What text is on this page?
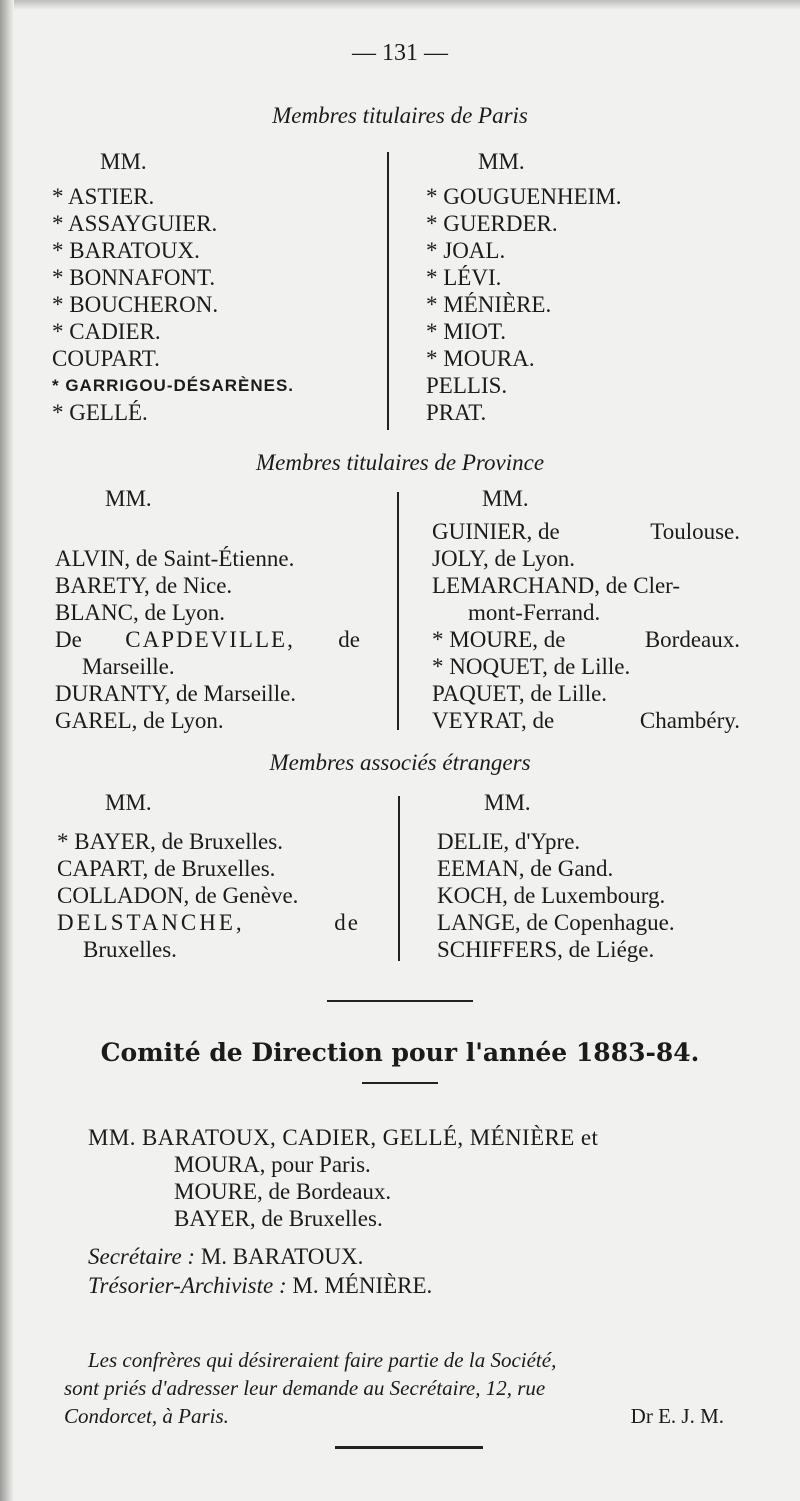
— 131 —
Membres titulaires de Paris
MM.
* ASTIER.
* ASSAYGUIER.
* BARATOUX.
* BONNAFONT.
* BOUCHERON.
* CADIER.
COUPART.
* GARRIGOU-DÉSARÈNES.
* GELLÉ.
MM.
* GOUGUENHEIM.
* GUERDER.
* JOAL.
* LÉVI.
* MÉNIÈRE.
* MIOT.
* MOURA.
PELLIS.
PRAT.
Membres titulaires de Province
MM.
ALVIN, de Saint-Étienne.
BARETY, de Nice.
BLANC, de Lyon.
De CAPDEVILLE, de
Marseille.
DURANTY, de Marseille.
GAREL, de Lyon.
MM.
GUINIER, de	Toulouse.
JOLY, de Lyon.
LEMARCHAND, de Cler-
mont-Ferrand.
* MOURE, de	Bordeaux.
* NOQUET, de Lille.
PAQUET, de Lille.
VEYRAT, de	Chambéry.
Membres associés étrangers
MM.
* BAYER, de Bruxelles.
CAPART, de Bruxelles.
COLLADON, de Genève.
DELSTANCHE,	de
Bruxelles.
MM.
DELIE, d'Ypre.
EEMAN, de Gand.
KOCH, de Luxembourg.
LANGE, de Copenhague.
SCHIFFERS, de Liége.
Comité de Direction pour l'année 1883-84.
MM. BARATOUX, CADIER, GELLÉ, MÉNIÈRE et
MOURA, pour Paris.
MOURE, de Bordeaux.
BAYER, de Bruxelles.
Secrétaire : M. BARATOUX.
Trésorier-Archiviste : M. MÉNIÈRE.
Les confrères qui désireraient faire partie de la Société,
sont priés d'adresser leur demande au Secrétaire, 12, rue
Condorcet, à Paris.	Dr E. J. M.
